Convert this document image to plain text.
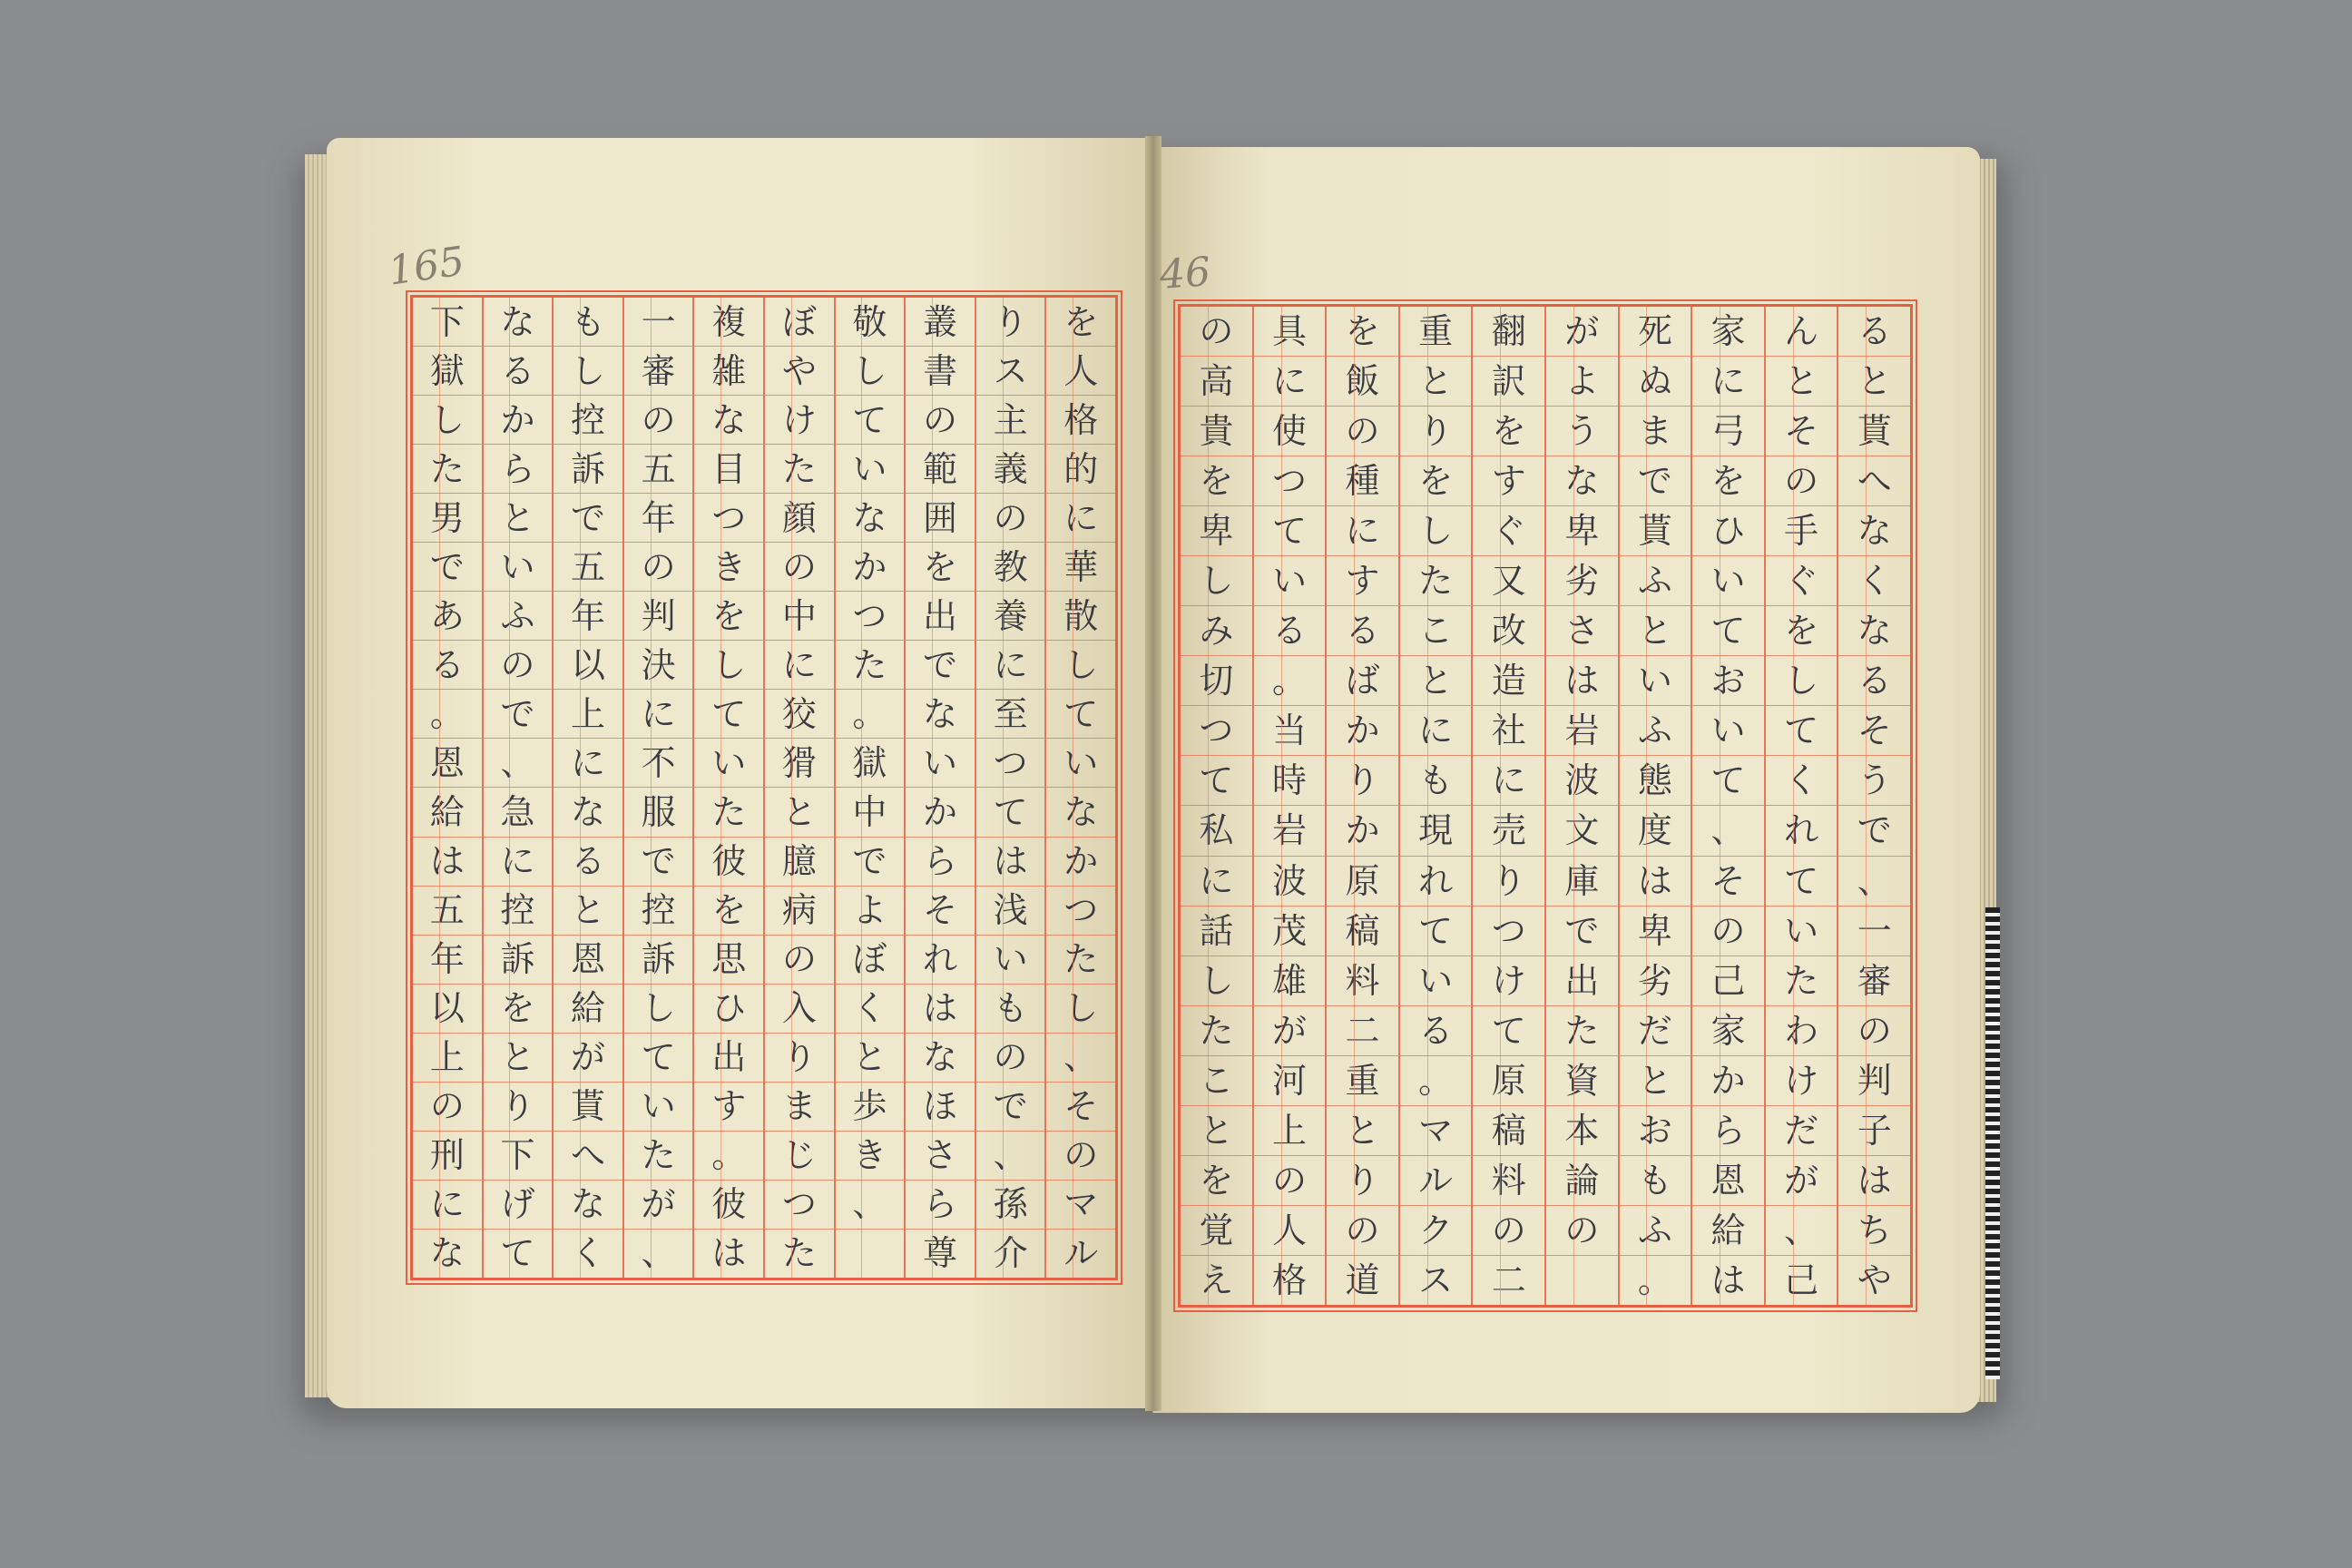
165	46
を
人
格
的
に
華
散
し
て
い
な
か
つ
た
し
、
そ
の
マ
ル
り
ス
主
義
の
教
養
に
至
つ
て
は
浅
い
も
の
で
、
孫
介
叢
書
の
範
囲
を
出
で
な
い
か
ら
そ
れ
は
な
ほ
さ
ら
尊
敬
し
て
い
な
か
つ
た
。
獄
中
で
よ
ぼ
く
と
歩
き
、
ぼ
や
け
た
顔
の
中
に
狡
猾
と
臆
病
の
入
り
ま
じ
つ
た
複
雑
な
目
つ
き
を
し
て
い
た
彼
を
思
ひ
出
す
。
彼
は
一
審
の
五
年
の
判
決
に
不
服
で
控
訴
し
て
い
た
が
、
も
し
控
訴
で
五
年
以
上
に
な
る
と
恩
給
が
貰
へ
な
く
な
る
か
ら
と
い
ふ
の
で
、
急
に
控
訴
を
と
り
下
げ
て
下
獄
し
た
男
で
あ
る
。
恩
給
は
五
年
以
上
の
刑
に
な
る
と
貰
へ
な
く
な
る
そ
う
で
、
一
審
の
判
子
は
ち
や
ん
と
そ
の
手
ぐ
を
し
て
く
れ
て
い
た
わ
け
だ
が
、
己
家
に
弓
を
ひ
い
て
お
い
て
、
そ
の
己
家
か
ら
恩
給
は
死
ぬ
ま
で
貰
ふ
と
い
ふ
態
度
は
卑
劣
だ
と
お
も
ふ
。
が
よ
う
な
卑
劣
さ
は
岩
波
文
庫
で
出
た
資
本
論
の
翻
訳
を
す
ぐ
又
改
造
社
に
売
り
つ
け
て
原
稿
料
の
二
重
と
り
を
し
た
こ
と
に
も
現
れ
て
い
る
。
マ
ル
ク
ス
を
飯
の
種
に
す
る
ば
か
り
か
原
稿
料
二
重
と
り
の
道
具
に
使
つ
て
い
る
。
当
時
岩
波
茂
雄
が
河
上
の
人
格
の
高
貴
を
卑
し
み
切
つ
て
私
に
話
し
た
こ
と
を
覚
え
